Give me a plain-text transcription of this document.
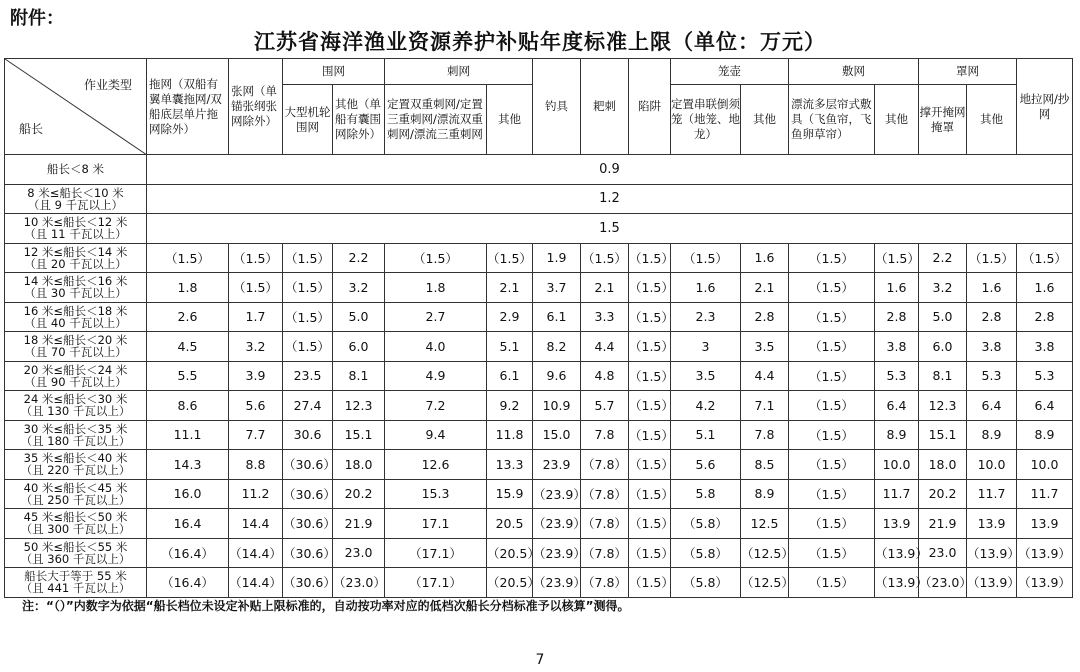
附件：
江苏省海洋渔业资源养护补贴年度标准上限（单位：万元）
作业类型
船长	拖网（双船有翼单囊拖网/双船底层单片拖网除外）	张网（单锚张纲张网除外）	围网		刺网		钓具	耙刺	陷阱	笼壶		敷网		罩网		地拉网/抄网
			大型机轮围网	其他（单船有囊围网除外）	定置双重刺网/定置三重刺网/漂流双重刺网/漂流三重刺网	其他				定置串联倒须笼（地笼、地龙）	其他	漂流多层帘式敷具（飞鱼帘，飞鱼卵草帘）	其他	撑开掩网掩罩	其他	

船长＜8 米	0.9															

8 米≤船长＜10 米
（且 9 千瓦以上）	1.2															

10 米≤船长＜12 米
（且 11 千瓦以上）	1.5															

12 米≤船长＜14 米
（且 20 千瓦以上）	（1.5）	（1.5）	（1.5）	2.2	（1.5）	（1.5）	1.9	（1.5）	（1.5）	（1.5）	1.6	（1.5）	（1.5）	2.2	（1.5）	（1.5）

14 米≤船长＜16 米
（且 30 千瓦以上）	1.8	（1.5）	（1.5）	3.2	1.8	2.1	3.7	2.1	（1.5）	1.6	2.1	（1.5）	1.6	3.2	1.6	1.6

16 米≤船长＜18 米
（且 40 千瓦以上）	2.6	1.7	（1.5）	5.0	2.7	2.9	6.1	3.3	（1.5）	2.3	2.8	（1.5）	2.8	5.0	2.8	2.8

18 米≤船长＜20 米
（且 70 千瓦以上）	4.5	3.2	（1.5）	6.0	4.0	5.1	8.2	4.4	（1.5）	3	3.5	（1.5）	3.8	6.0	3.8	3.8

20 米≤船长＜24 米
（且 90 千瓦以上）	5.5	3.9	23.5	8.1	4.9	6.1	9.6	4.8	（1.5）	3.5	4.4	（1.5）	5.3	8.1	5.3	5.3

24 米≤船长＜30 米
（且 130 千瓦以上）	8.6	5.6	27.4	12.3	7.2	9.2	10.9	5.7	（1.5）	4.2	7.1	（1.5）	6.4	12.3	6.4	6.4

30 米≤船长＜35 米
（且 180 千瓦以上）	11.1	7.7	30.6	15.1	9.4	11.8	15.0	7.8	（1.5）	5.1	7.8	（1.5）	8.9	15.1	8.9	8.9

35 米≤船长＜40 米
（且 220 千瓦以上）	14.3	8.8	（30.6）	18.0	12.6	13.3	23.9	（7.8）	（1.5）	5.6	8.5	（1.5）	10.0	18.0	10.0	10.0

40 米≤船长＜45 米
（且 250 千瓦以上）	16.0	11.2	（30.6）	20.2	15.3	15.9	（23.9）	（7.8）	（1.5）	5.8	8.9	（1.5）	11.7	20.2	11.7	11.7

45 米≤船长＜50 米
（且 300 千瓦以上）	16.4	14.4	（30.6）	21.9	17.1	20.5	（23.9）	（7.8）	（1.5）	（5.8）	12.5	（1.5）	13.9	21.9	13.9	13.9

50 米≤船长＜55 米
（且 360 千瓦以上）	（16.4）	（14.4）	（30.6）	23.0	（17.1）	（20.5）	（23.9）	（7.8）	（1.5）	（5.8）	（12.5）	（1.5）	（13.9）	23.0	（13.9）	（13.9）

船长大于等于 55 米
（且 441 千瓦以上）	（16.4）	（14.4）	（30.6）	（23.0）	（17.1）	（20.5）	（23.9）	（7.8）	（1.5）	（5.8）	（12.5）	（1.5）	（13.9）	（23.0）	（13.9）	（13.9）
注：“（）”内数字为依据“船长档位未设定补贴上限标准的，自动按功率对应的低档次船长分档标准予以核算”测得。
7
